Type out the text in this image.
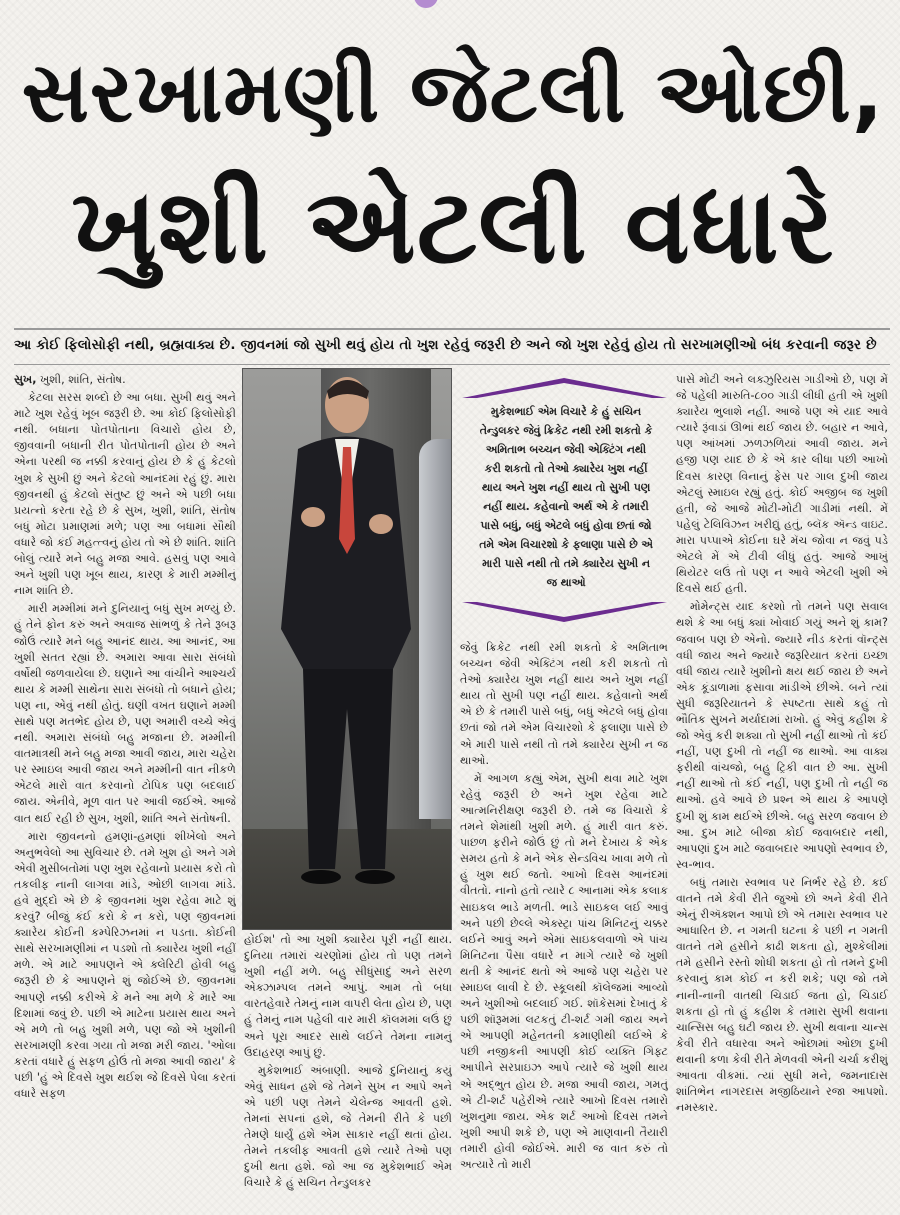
સરખામણી જેટલી ઓછી,
ખુશી એટલી વધારે
આ કોઈ ફિલોસોફી નથી, બ્રહ્મવાક્ય છે. જીવનમાં જો સુખી થવું હોય તો ખુશ રહેવું જરૂરી છે અને જો ખુશ રહેવું હોય તો સરખામણીઓ બંધ કરવાની જરૂર છે

સુખ, ખુશી, શાંતિ, સંતોષ.

કેટલા સરસ શબ્દો છે આ બધા. સુખી થવું અને માટે ખુશ રહેવું ખૂબ જરૂરી છે. આ કોઈ ફિલોસોફી નથી. બધાના પોતપોતાના વિચારો હોય છે, જીવવાની બધાની રીત પોતપોતાની હોય છે અને એના પરથી જ નક્કી કરવાનું હોય છે કે હું કેટલો ખુશ કે સુખી છું અને કેટલો આનંદમાં રહું છું. મારા જીવનથી હું કેટલો સંતુષ્ટ છું અને એ પછી બધા પ્રયત્નો કરતા રહે છે કે સુખ, ખુશી, શાંતિ, સંતોષ બધું મોટા પ્રમાણમાં મળે; પણ આ બધામાં સૌથી વધારે જો કંઈ મહત્ત્વનું હોય તો એ છે શાંતિ. શાંતિ બોલું ત્યારે મને બહુ મજા આવે. હસવું પણ આવે અને ખુશી પણ ખૂબ થાય, કારણ કે મારી મમ્મીનું નામ શાંતિ છે.

મારી મમ્મીમાં મને દુનિયાનું બધું સુખ મળ્યું છે. હું તેને ફોન કરું અને અવાજ સાંભળું કે તેને રૂબરૂ જોઉં ત્યારે મને બહુ આનંદ થાય. આ આનંદ, આ ખુશી સતત રહ્યાં છે. અમારા આવા સારા સંબંધો વર્ષોથી જળવાયેલા છે. ઘણાને આ વાંચીને આશ્ચર્ય થાય કે મમ્મી સાથેના સારા સંબંધો તો બધાને હોય; પણ ના, એવું નથી હોતું. ઘણી વખત ઘણાને મમ્મી સાથે પણ મતભેદ હોય છે, પણ અમારી વચ્ચે એવું નથી. અમારા સંબંધો બહુ મજાના છે. મમ્મીની વાતમાત્રથી મને બહુ મજા આવી જાય, મારા ચહેરા પર સ્માઇલ આવી જાય અને મમ્મીની વાત નીકળે એટલે મારો વાત કરવાનો ટોપિક પણ બદલાઈ જાય. એનીવે, મૂળ વાત પર આવી જઈએ. આજે વાત થઈ રહી છે સુખ, ખુશી, શાંતિ અને સંતોષની.

મારા જીવનનો હમણાં-હમણાં શીખેલો અને અનુભવેલો આ સુવિચાર છે. તમે ખુશ હો અને ગમે એવી મુસીબતોમાં પણ ખુશ રહેવાનો પ્રયાસ કરો તો તકલીફ નાની લાગવા માંડે, ઓછી લાગવા માંડે. હવે મુદ્દો એ છે કે જીવનમાં ખુશ રહેવા માટે શું કરવું? બીજું કંઈ કરો કે ન કરો, પણ જીવનમાં ક્યારેય કોઈની કમ્પેરિઝનમાં ન પડતા. કોઈની સાથે સરખામણીમાં ન પડશો તો ક્યારેય ખુશી નહીં મળે. એ માટે આપણને એ ક્લેરિટી હોવી બહુ જરૂરી છે કે આપણને શું જોઈએ છે. જીવનમાં આપણે નક્કી કરીએ કે મને આ મળે કે મારે આ દિશામાં જવું છે. પછી એ માટેના પ્રયાસ થાય અને એ મળે તો બહુ ખુશી મળે, પણ જો એ ખુશીની સરખામણી કરવા ગયા તો મજા મરી જાય. 'ઓલા કરતાં વધારે હું સફળ હોઉં તો મજા આવી જાય' કે પછી 'હું એ દિવસે ખુશ થઈશ જે દિવસે પેલા કરતાં વધારે સફળ

મુકેશભાઈ એમ વિચારે કે હું સચિન તેન્ડુલકર જેવું ક્રિકેટ નથી રમી શકતો કે અમિતાભ બચ્ચન જેવી એક્ટિંગ નથી કરી શકતો તો તેઓ ક્યારેય ખુશ નહીં થાય અને ખુશ નહીં થાય તો સુખી પણ નહીં થાય. કહેવાનો અર્થ એ કે તમારી પાસે બધું, બધું એટલે બધું હોવા છતાં જો તમે એમ વિચારશો કે ફલાણા પાસે છે એ મારી પાસે નથી તો તમે ક્યારેય સુખી ન જ થાઓ

હોઈશ' તો આ ખુશી ક્યારેય પૂરી નહીં થાય. દુનિયા તમારાં ચરણોમાં હોય તો પણ તમને ખુશી નહીં મળે. બહુ સીધુંસાદું અને સરળ એક્ઝામ્પલ તમને આપું. આમ તો બધા વારતહેવારે તેમનું નામ વાપરી લેતા હોય છે, પણ હું તેમનું નામ પહેલી વાર મારી કૉલમમાં લઉં છું અને પૂરા આદર સાથે લઈને તેમના નામનું ઉદાહરણ આપું છું.

મુકેશભાઈ અંબાણી. આજે દુનિયાનું કયું એવું સાધન હશે જે તેમને સુખ ન આપે અને એ પછી પણ તેમને ચેલેન્જ આવતી હશે. તેમનાં સપનાં હશે, જે તેમની રીતે કે પછી તેમણે ધાર્યું હશે એમ સાકાર નહીં થતાં હોય. તેમને તકલીફ આવતી હશે ત્યારે તેઓ પણ દુખી થતા હશે. જો આ જ મુકેશભાઈ એમ વિચારે કે હું સચિન તેન્ડુલકર

જેવું ક્રિકેટ નથી રમી શકતો કે અમિતાભ બચ્ચન જેવી એક્ટિંગ નથી કરી શકતો તો તેઓ ક્યારેય ખુશ નહીં થાય અને ખુશ નહીં થાય તો સુખી પણ નહીં થાય. કહેવાનો અર્થ એ છે કે તમારી પાસે બધું, બધું એટલે બધું હોવા છતાં જો તમે એમ વિચારશો કે ફલાણા પાસે છે એ મારી પાસે નથી તો તમે ક્યારેય સુખી ન જ થાઓ.

મેં આગળ કહ્યું એમ, સુખી થવા માટે ખુશ રહેવું જરૂરી છે અને ખુશ રહેવા માટે આત્મનિરીક્ષણ જરૂરી છે. તમે જ વિચારો કે તમને શેમાંથી ખુશી મળે. હું મારી વાત કરું. પાછળ ફરીને જોઉં છું તો મને દેખાય કે એક સમય હતો કે મને એક સેન્ડવિચ ખાવા મળે તો હું ખુશ થઈ જતો. આખો દિવસ આનંદમાં વીતતો. નાનો હતો ત્યારે ૮ આનામાં એક કલાક સાઇકલ ભાડે મળતી. ભાડે સાઇકલ લઈ આવું અને પછી છેલ્લે એક્સ્ટ્રા પાંચ મિનિટનું ચક્કર લઈને આવું અને એમાં સાઇકલવાળો એ પાંચ મિનિટના પૈસા વધારે ન માગે ત્યારે જે ખુશી થતી કે આનંદ થતો એ આજે પણ ચહેરા પર સ્માઇલ લાવી દે છે. સ્કૂલથી કૉલેજમાં આવ્યો અને ખુશીઓ બદલાઈ ગઈ. શૉકેસમાં દેખાતું કે પછી શૉરૂમમાં લટકતું ટી-શર્ટ ગમી જાય અને એ આપણી મહેનતની કમાણીથી લઈએ કે પછી નજીકની આપણી કોઈ વ્યક્તિ ગિફ્ટ આપીને સરપ્રાઇઝ આપે ત્યારે જે ખુશી થાય એ અદ્ભુત હોય છે. મજા આવી જાય, ગમતું એ ટી-શર્ટ પહેરીએ ત્યારે આખો દિવસ તમારો ખુશનુમા જાય. એક શર્ટ આખો દિવસ તમને ખુશી આપી શકે છે, પણ એ માણવાની તૈયારી તમારી હોવી જોઈએ. મારી જ વાત કરું તો અત્યારે તો મારી

પાસે મોટી અને લક્ઝુરિયસ ગાડીઓ છે, પણ મેં જે પહેલી મારુતિ-૮૦૦ ગાડી લીધી હતી એ ખુશી ક્યારેય ભુલાશે નહીં. આજે પણ એ યાદ આવે ત્યારે રૂંવાડાં ઊભાં થઈ જાય છે. બહાર ન આવે, પણ આંખમાં ઝળઝળિયાં આવી જાય. મને હજી પણ યાદ છે કે એ કાર લીધા પછી આખો દિવસ કારણ વિનાનું ફેસ પર ગાલ દુખી જાય એટલું સ્માઇલ રહ્યું હતું. કોઈ અજીબ જ ખુશી હતી, જે આજે મોટી-મોટી ગાડીમાં નથી. મેં પહેલું ટેલિવિઝન ખરીદ્યું હતું, બ્લૅક ઍન્ડ વાઇટ. મારા પપ્પાએ કોઈના ઘરે મૅચ જોવા ન જવું પડે એટલે મેં એ ટીવી લીધું હતું. આજે આખું થિયેટર લઉં તો પણ ન આવે એટલી ખુશી એ દિવસે થઈ હતી.

મોમેન્ટ્સ યાદ કરશો તો તમને પણ સવાલ થશે કે આ બધું ક્યાં ખોવાઈ ગયું અને શું કામ? જવાબ પણ છે એનો. જ્યારે નીડ કરતાં વૉન્ટ્સ વધી જાય અને જ્યારે જરૂરિયાત કરતાં ઇચ્છા વધી જાય ત્યારે ખુશીનો ક્ષય થઈ જાય છે અને એક કૂંડાળામાં ફસાવા માંડીએ છીએ. બને ત્યાં સુધી જરૂરિયાતને કે સ્પષ્ટતા સાથે કહું તો ભૌતિક સુખને મર્યાદામાં રાખો. હું એવું કહીશ કે જો એવું કરી શક્યા તો સુખી નહીં થાઓ તો કંઈ નહીં, પણ દુખી તો નહીં જ થાઓ. આ વાક્ય ફરીથી વાંચજો, બહુ ટ્રિકી વાત છે આ. સુખી નહીં થાઓ તો કંઈ નહીં, પણ દુખી તો નહીં જ થાઓ. હવે આવે છે પ્રશ્ન એ થાય કે આપણે દુખી શું કામ થઈએ છીએ. બહુ સરળ જવાબ છે આ. દુખ માટે બીજા કોઈ જવાબદાર નથી, આપણાં દુખ માટે જવાબદાર આપણો સ્વભાવ છે, સ્વ-ભાવ.

બધું તમારા સ્વભાવ પર નિર્ભર રહે છે. કઈ વાતને તમે કેવી રીતે જુઓ છો અને કેવી રીતે એનું રીઍક્શન આપો છો એ તમારા સ્વભાવ પર આધારિત છે. ન ગમતી ઘટના કે પછી ન ગમતી વાતને તમે હસીને કાઢી શકતા હો, મુશ્કેલીમાં તમે હસીને રસ્તો શોધી શકતા હો તો તમને દુખી કરવાનું કામ કોઈ ન કરી શકે; પણ જો તમે નાની-નાની વાતથી ચિડાઈ જતા હો, ચિડાઈ શકતા હો તો હું કહીશ કે તમારા સુખી થવાના ચાન્સિસ બહુ ઘટી જાય છે. સુખી થવાના ચાન્સ કેવી રીતે વધારવા અને ઓછામાં ઓછા દુખી થવાની કળા કેવી રીતે મેળવવી એની ચર્ચા કરીશું આવતા વીકમાં. ત્યાં સુધી મને, જમનાદાસ શાંતિભેન નાગરદાસ મજીઠિયાને રજા આપશો. નમસ્કાર.
